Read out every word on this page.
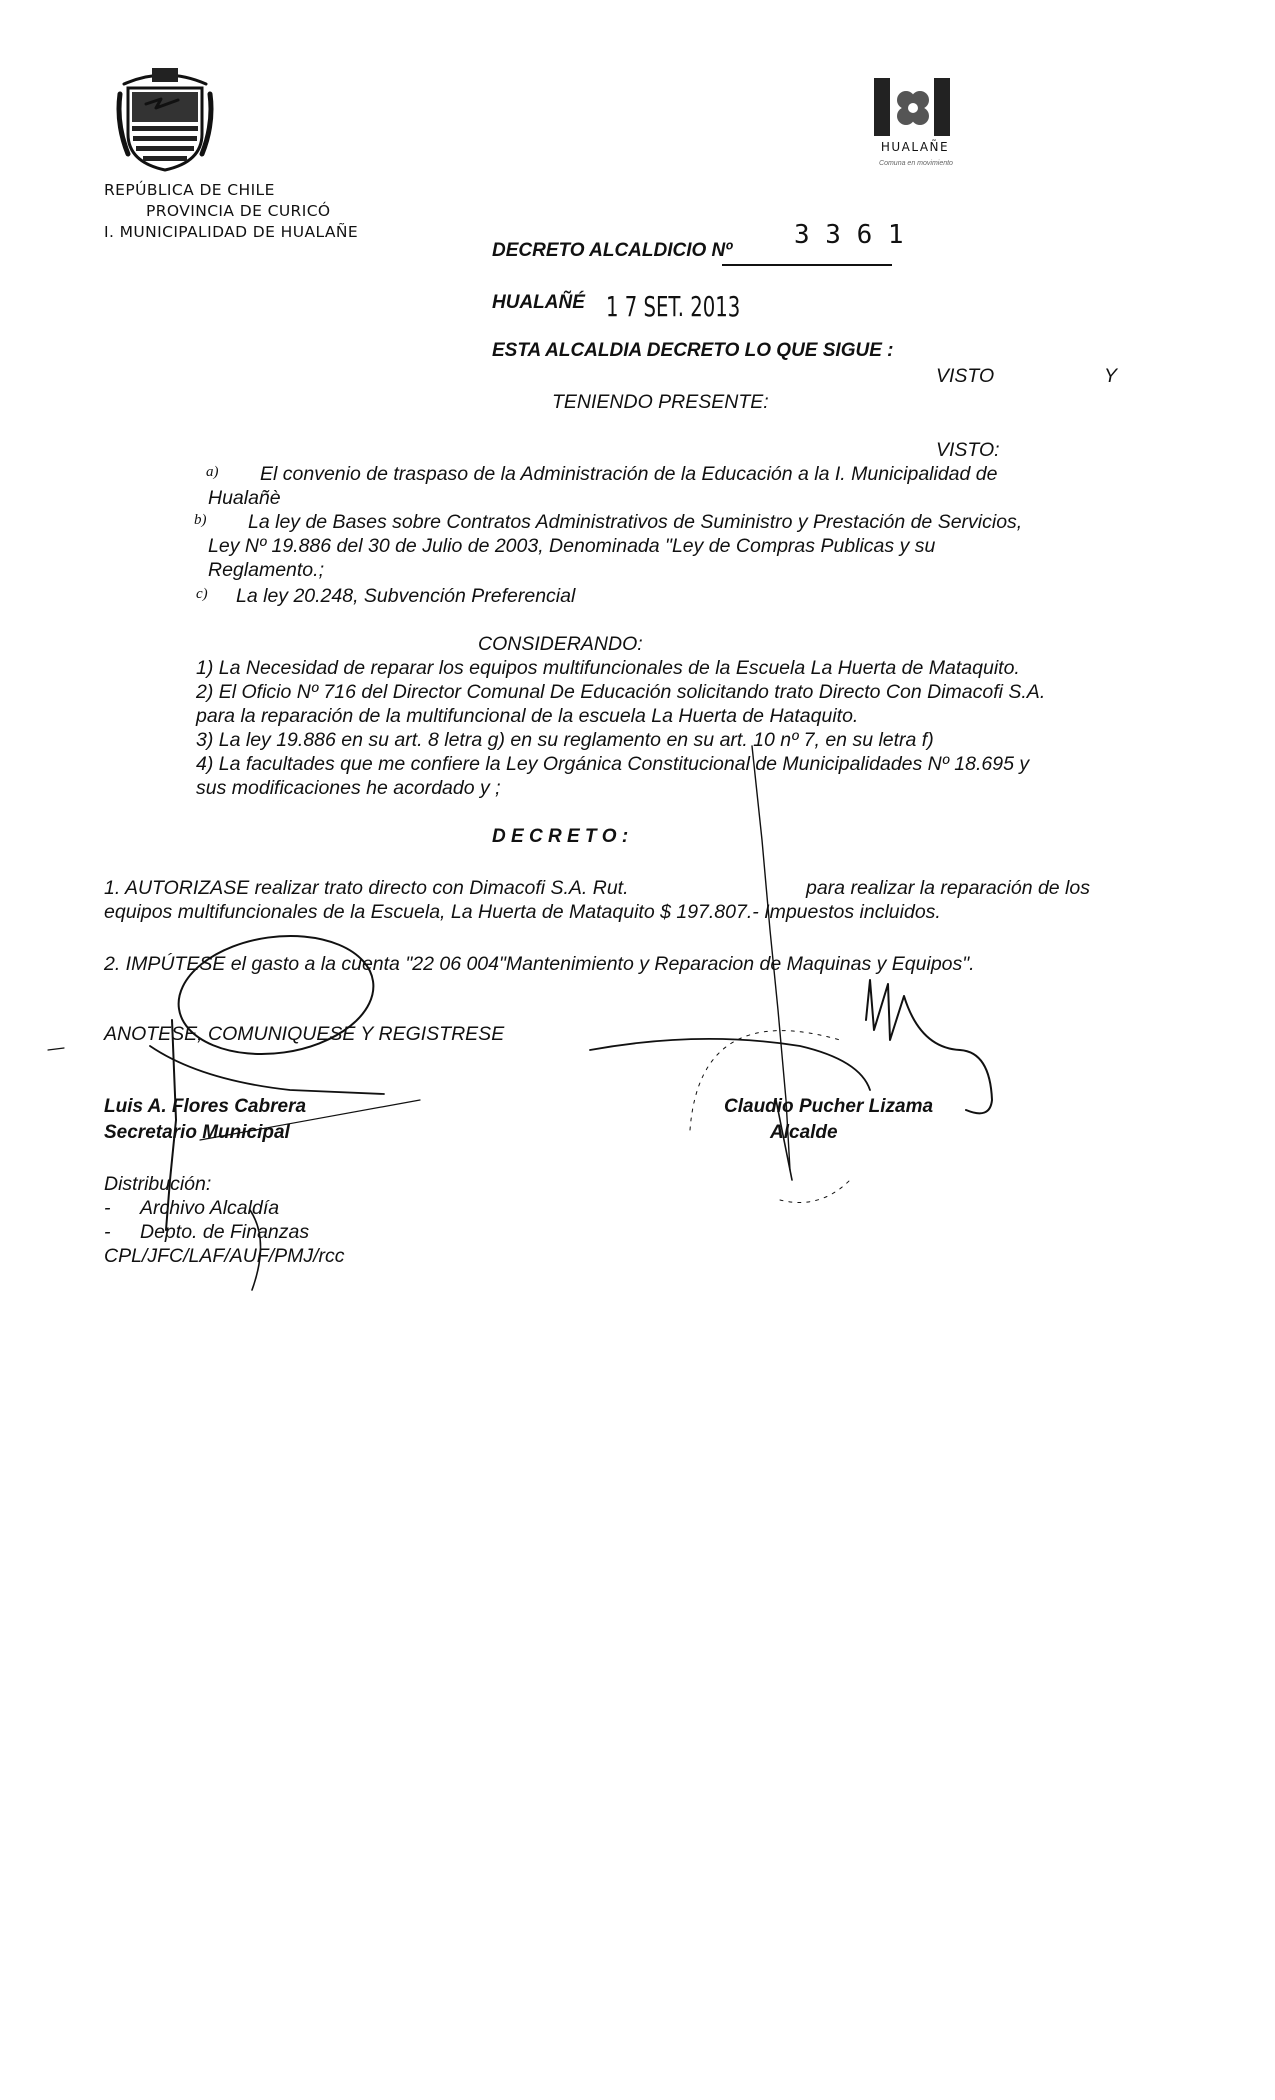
HUALAÑE
Comuna en movimiento
REPÚBLICA DE CHILE
PROVINCIA DE CURICÓ
I. MUNICIPALIDAD DE HUALAÑE
DECRETO ALCALDICIO Nº
3 3 6 1
HUALAÑÉ 1 7 SET. 2013
ESTA ALCALDIA DECRETO LO QUE SIGUE :
VISTO	Y
TENIENDO PRESENTE:
VISTO:
a) El convenio de traspaso de la Administración de la Educación a la I. Municipalidad de
Hualañè
b) La ley de Bases sobre Contratos Administrativos de Suministro y Prestación de Servicios,
Ley Nº 19.886 del 30 de Julio de 2003, Denominada "Ley de Compras Publicas y su
Reglamento.;
c) La ley 20.248, Subvención Preferencial
CONSIDERANDO:
1) La Necesidad de reparar los equipos multifuncionales de la Escuela La Huerta de Mataquito.
2) El Oficio Nº 716 del Director Comunal De Educación solicitando trato Directo Con Dimacofi S.A.
para la reparación de la multifuncional de la escuela La Huerta de Hataquito.
3) La ley 19.886 en su art. 8 letra g) en su reglamento en su art. 10 nº 7, en su letra f)
4) La facultades que me confiere la Ley Orgánica Constitucional de Municipalidades Nº 18.695 y
sus modificaciones he acordado y ;
D E C R E T O :
1. AUTORIZASE realizar trato directo con Dimacofi S.A. Rut.	para realizar la reparación de los
equipos multifuncionales de la Escuela, La Huerta de Mataquito $ 197.807.- Impuestos incluidos.
2. IMPÚTESE el gasto a la cuenta "22 06 004"Mantenimiento y Reparacion de Maquinas y Equipos".
ANOTESE, COMUNIQUESE Y REGISTRESE
Luis A. Flores Cabrera
Secretario Municipal
Claudio Pucher Lizama
Alcalde
Distribución:
- Archivo Alcaldía
- Depto. de Finanzas
CPL/JFC/LAF/AUF/PMJ/rcc
